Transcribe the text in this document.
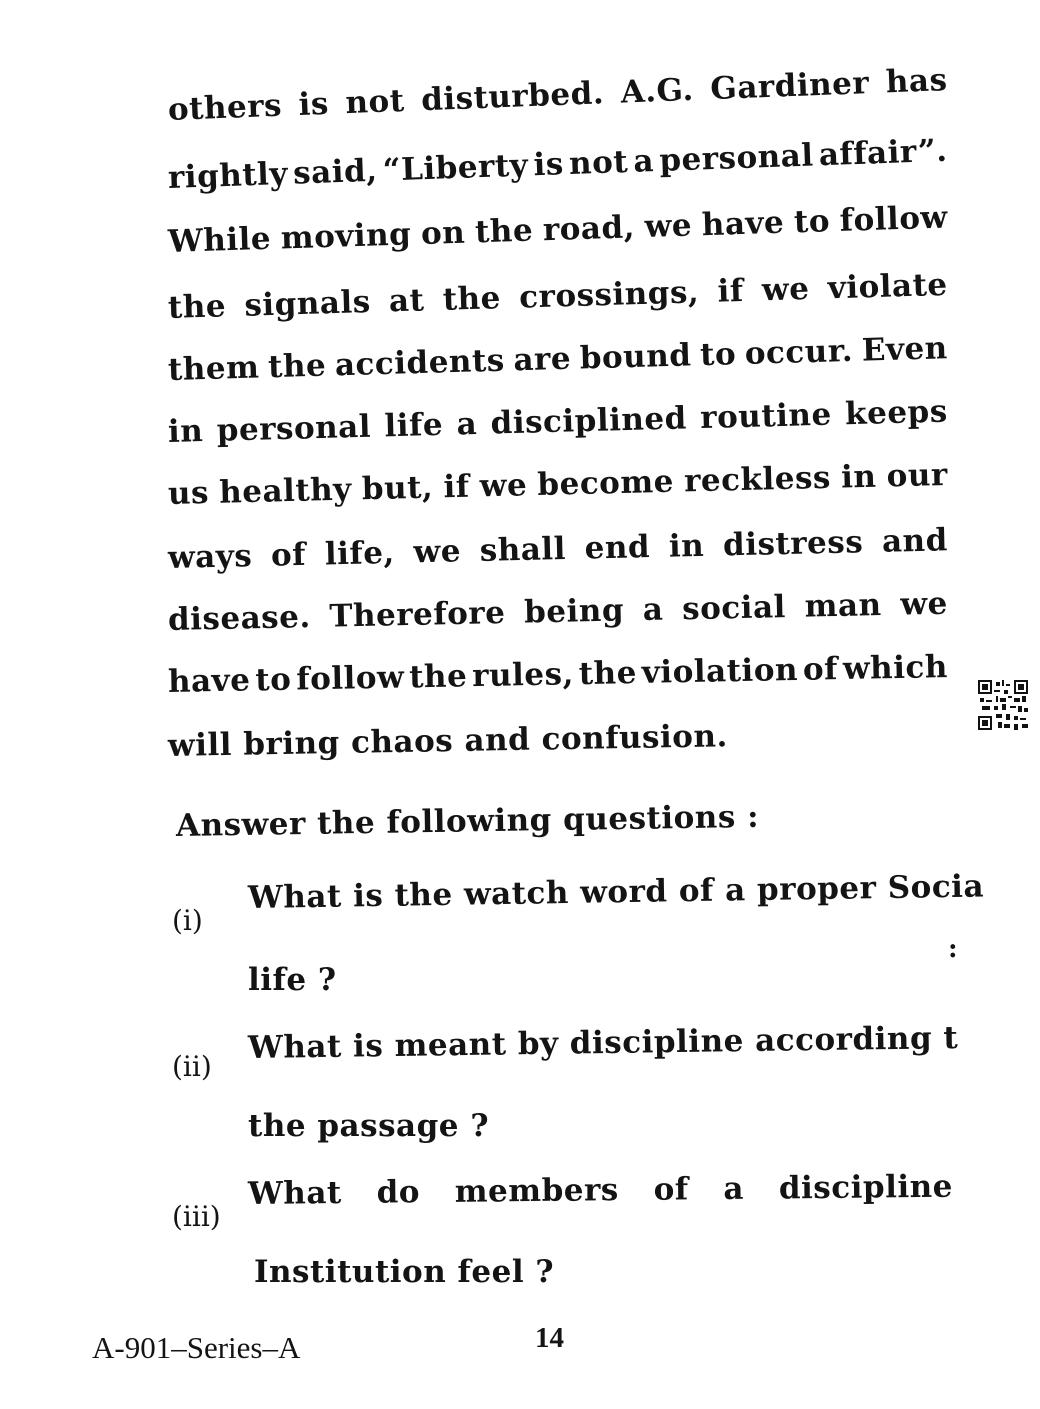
others is not disturbed. A.G. Gardiner has
rightly said, “Liberty is not a personal affair”.
While moving on the road, we have to follow
the signals at the crossings, if we violate
them the accidents are bound to occur. Even
in personal life a disciplined routine keeps
us healthy but, if we become reckless in our
ways of life, we shall end in distress and
disease. Therefore being a social man we
have to follow the rules, the violation of which
will bring chaos and confusion.
Answer the following questions :
(i)
What is the watch word of a proper Socia
life ?
:
(ii)
What is meant by discipline according t
the passage ?
(iii)
What do members of a discipline
Institution feel ?
A-901–Series–A	14
